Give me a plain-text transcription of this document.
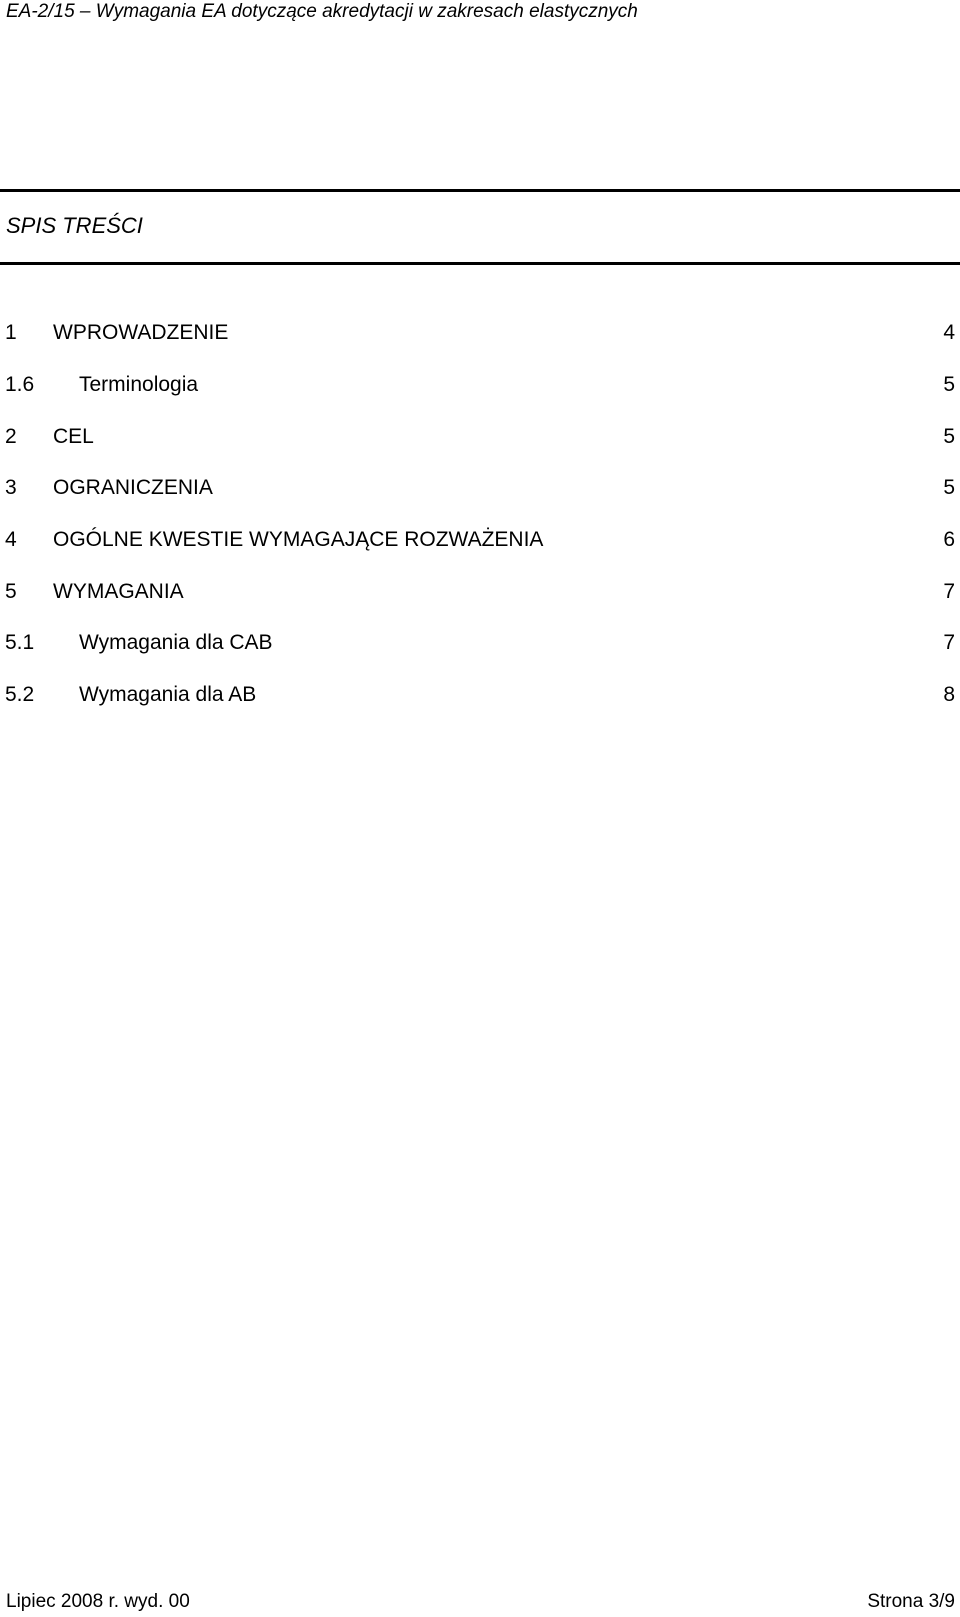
EA-2/15 – Wymagania EA dotyczące akredytacji w zakresach elastycznych
SPIS TREŚCI
1 WPROWADZENIE	4
1.6 Terminologia	5
2 CEL	5
3 OGRANICZENIA	5
4 OGÓLNE KWESTIE WYMAGAJĄCE ROZWAŻENIA	6
5 WYMAGANIA	7
5.1 Wymagania dla CAB	7
5.2 Wymagania dla AB	8
Lipiec 2008 r. wyd. 00	Strona 3/9
